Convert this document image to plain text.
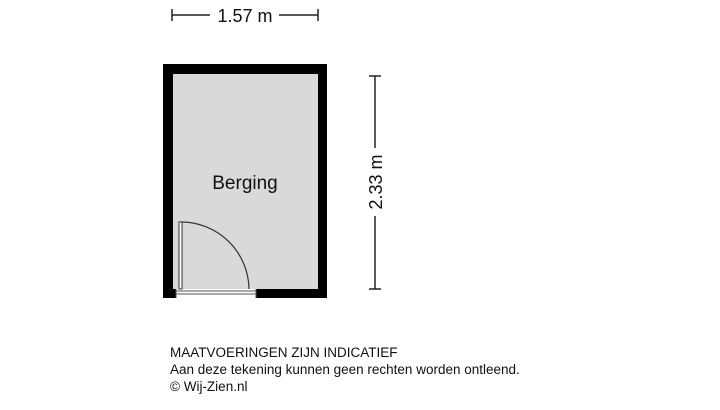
1.57 m
2.33 m
Berging
MAATVOERINGEN ZIJN INDICATIEF
Aan deze tekening kunnen geen rechten worden ontleend.
© Wij-Zien.nl
